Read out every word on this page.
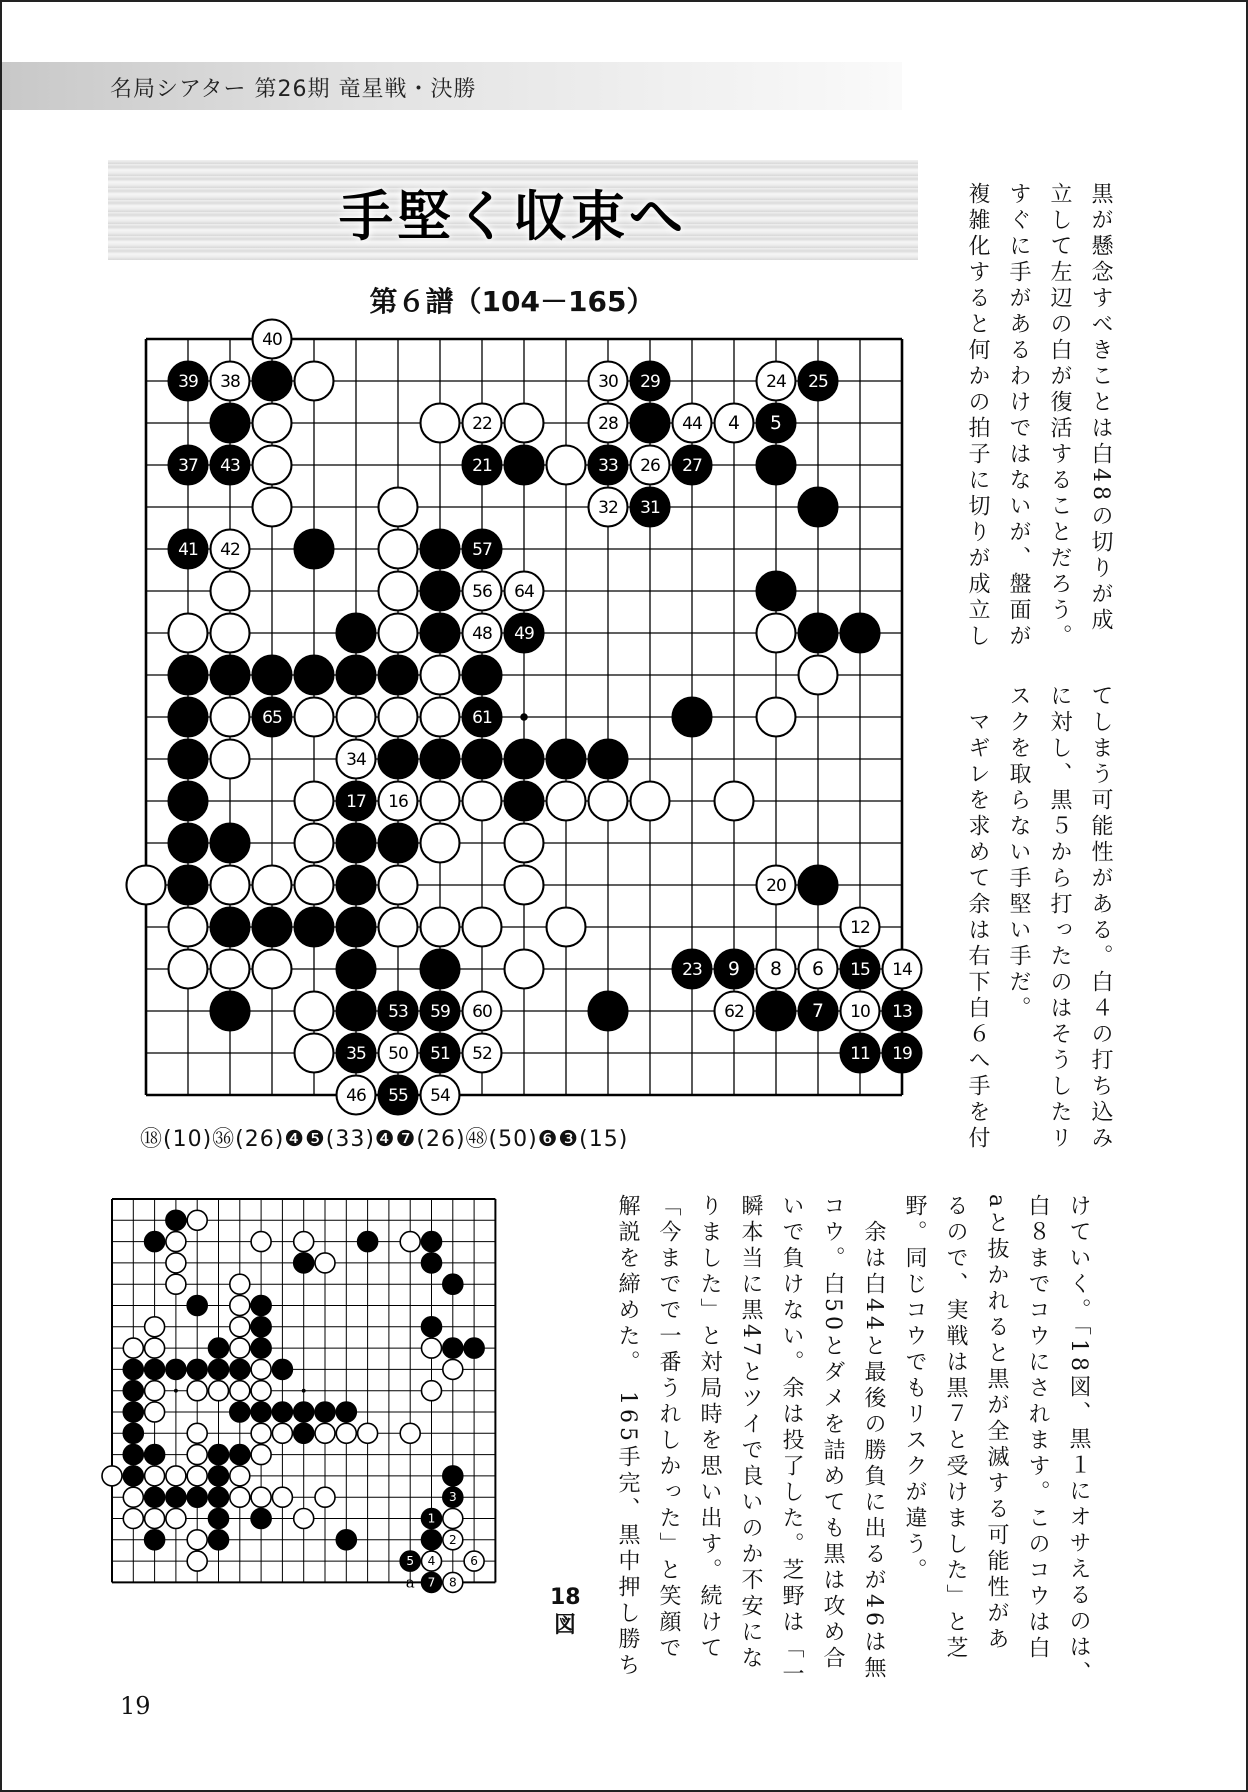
名局シアター 第26期 竜星戦・決勝
手堅く収束へ
第６譜（104－165）
40
39 38	30 29	24 25
22	28	44 4 5
37 43	21	33 26 27
32 31
41 42	57
56 64
48 49
65	61
34
17 16
20
12
23 9 8 6 15 14
53 59 60	62	7 10 13
35 50 51 52	11 19
46 55 54
⑱(10)㊱(26)❹❺(33)❹❼(26)㊽(50)❻❸(15)
3
1
2
5 4	6
7 8
a
18図
黒が懸念すべきことは白48の切りが成
立して左辺の白が復活することだろう。
すぐに手があるわけではないが、盤面が
複雑化すると何かの拍子に切りが成立し
てしまう可能性がある。白４の打ち込み
に対し、黒５から打ったのはそうしたリ
スクを取らない手堅い手だ。
　マギレを求めて余は右下白６へ手を付
けていく。「18図、黒１にオサえるのは、
白８までコウにされます。このコウは白
aと抜かれると黒が全滅する可能性があ
るので、実戦は黒７と受けました」と芝
野。同じコウでもリスクが違う。
　余は白44と最後の勝負に出るが46は無
コウ。白50とダメを詰めても黒は攻め合
いで負けない。余は投了した。芝野は「一
瞬本当に黒47とツイで良いのか不安にな
りました」と対局時を思い出す。続けて
「今までで一番うれしかった」と笑顔で
解説を締めた。　165手完、黒中押し勝ち
19
